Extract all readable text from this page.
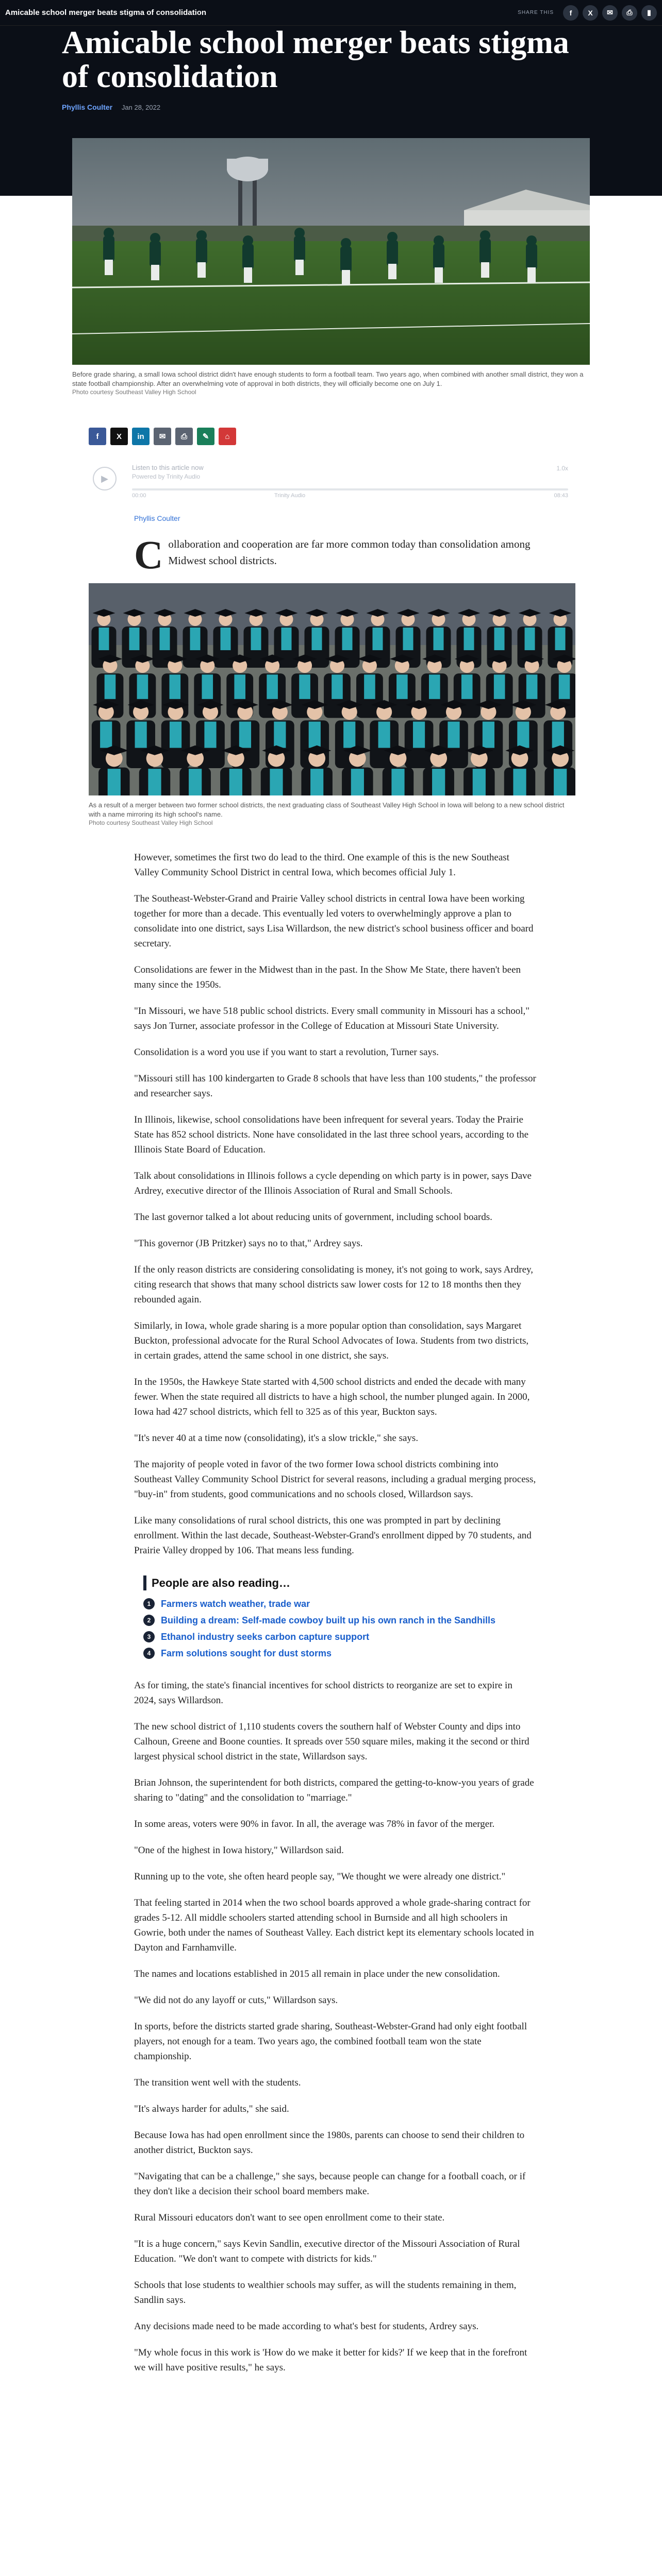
Amicable school merger beats stigma of consolidation	SHARE THIS	f	X	✉	⎙	▮
Amicable school merger beats stigma of consolidation
Phyllis Coulter Jan 28, 2022
Before grade sharing, a small Iowa school district didn't have enough students to form a football team. Two years ago, when combined with another small district, they won a state football championship. After an overwhelming vote of approval in both districts, they will officially become one on July 1.
Photo courtesy Southeast Valley High School
f	X	in	✉	⎙	✎	⌂
▶
Listen to this article now
Powered by Trinity Audio
1.0x
00:00	Trinity Audio	08:43
Phyllis Coulter
C ollaboration and cooperation are far more common today than consolidation among Midwest school districts.
As a result of a merger between two former school districts, the next graduating class of Southeast Valley High School in Iowa will belong to a new school district with a name mirroring its high school's name.
Photo courtesy Southeast Valley High School

However, sometimes the first two do lead to the third. One example of this is the new Southeast Valley Community School District in central Iowa, which becomes official July 1.

The Southeast-Webster-Grand and Prairie Valley school districts in central Iowa have been working together for more than a decade. This eventually led voters to overwhelmingly approve a plan to consolidate into one district, says Lisa Willardson, the new district's school business officer and board secretary.

Consolidations are fewer in the Midwest than in the past. In the Show Me State, there haven't been many since the 1950s.

"In Missouri, we have 518 public school districts. Every small community in Missouri has a school," says Jon Turner, associate professor in the College of Education at Missouri State University.

Consolidation is a word you use if you want to start a revolution, Turner says.

"Missouri still has 100 kindergarten to Grade 8 schools that have less than 100 students," the professor and researcher says.

In Illinois, likewise, school consolidations have been infrequent for several years. Today the Prairie State has 852 school districts. None have consolidated in the last three school years, according to the Illinois State Board of Education.

Talk about consolidations in Illinois follows a cycle depending on which party is in power, says Dave Ardrey, executive director of the Illinois Association of Rural and Small Schools.

The last governor talked a lot about reducing units of government, including school boards.

"This governor (JB Pritzker) says no to that," Ardrey says.

If the only reason districts are considering consolidating is money, it's not going to work, says Ardrey, citing research that shows that many school districts saw lower costs for 12 to 18 months then they rebounded again.

Similarly, in Iowa, whole grade sharing is a more popular option than consolidation, says Margaret Buckton, professional advocate for the Rural School Advocates of Iowa. Students from two districts, in certain grades, attend the same school in one district, she says.

In the 1950s, the Hawkeye State started with 4,500 school districts and ended the decade with many fewer. When the state required all districts to have a high school, the number plunged again. In 2000, Iowa had 427 school districts, which fell to 325 as of this year, Buckton says.

"It's never 40 at a time now (consolidating), it's a slow trickle," she says.

The majority of people voted in favor of the two former Iowa school districts combining into Southeast Valley Community School District for several reasons, including a gradual merging process, "buy-in" from students, good communications and no schools closed, Willardson says.

Like many consolidations of rural school districts, this one was prompted in part by declining enrollment. Within the last decade, Southeast-Webster-Grand's enrollment dipped by 70 students, and Prairie Valley dropped by 106. That means less funding.

People are also reading…
1	Farmers watch weather, trade war
2	Building a dream: Self-made cowboy built up his own ranch in the Sandhills
3	Ethanol industry seeks carbon capture support
4	Farm solutions sought for dust storms

As for timing, the state's financial incentives for school districts to reorganize are set to expire in 2024, says Willardson.

The new school district of 1,110 students covers the southern half of Webster County and dips into Calhoun, Greene and Boone counties. It spreads over 550 square miles, making it the second or third largest physical school district in the state, Willardson says.

Brian Johnson, the superintendent for both districts, compared the getting-to-know-you years of grade sharing to "dating" and the consolidation to "marriage."

In some areas, voters were 90% in favor. In all, the average was 78% in favor of the merger.

"One of the highest in Iowa history," Willardson said.

Running up to the vote, she often heard people say, "We thought we were already one district."

That feeling started in 2014 when the two school boards approved a whole grade-sharing contract for grades 5-12. All middle schoolers started attending school in Burnside and all high schoolers in Gowrie, both under the names of Southeast Valley. Each district kept its elementary schools located in Dayton and Farnhamville.

The names and locations established in 2015 all remain in place under the new consolidation.

"We did not do any layoff or cuts," Willardson says.

In sports, before the districts started grade sharing, Southeast-Webster-Grand had only eight football players, not enough for a team. Two years ago, the combined football team won the state championship.

The transition went well with the students.

"It's always harder for adults," she said.

Because Iowa has had open enrollment since the 1980s, parents can choose to send their children to another district, Buckton says.

"Navigating that can be a challenge," she says, because people can change for a football coach, or if they don't like a decision their school board members make.

Rural Missouri educators don't want to see open enrollment come to their state.

"It is a huge concern," says Kevin Sandlin, executive director of the Missouri Association of Rural Education. "We don't want to compete with districts for kids."

Schools that lose students to wealthier schools may suffer, as will the students remaining in them, Sandlin says.

Any decisions made need to be made according to what's best for students, Ardrey says.

"My whole focus in this work is 'How do we make it better for kids?' If we keep that in the forefront we will have positive results," he says.
